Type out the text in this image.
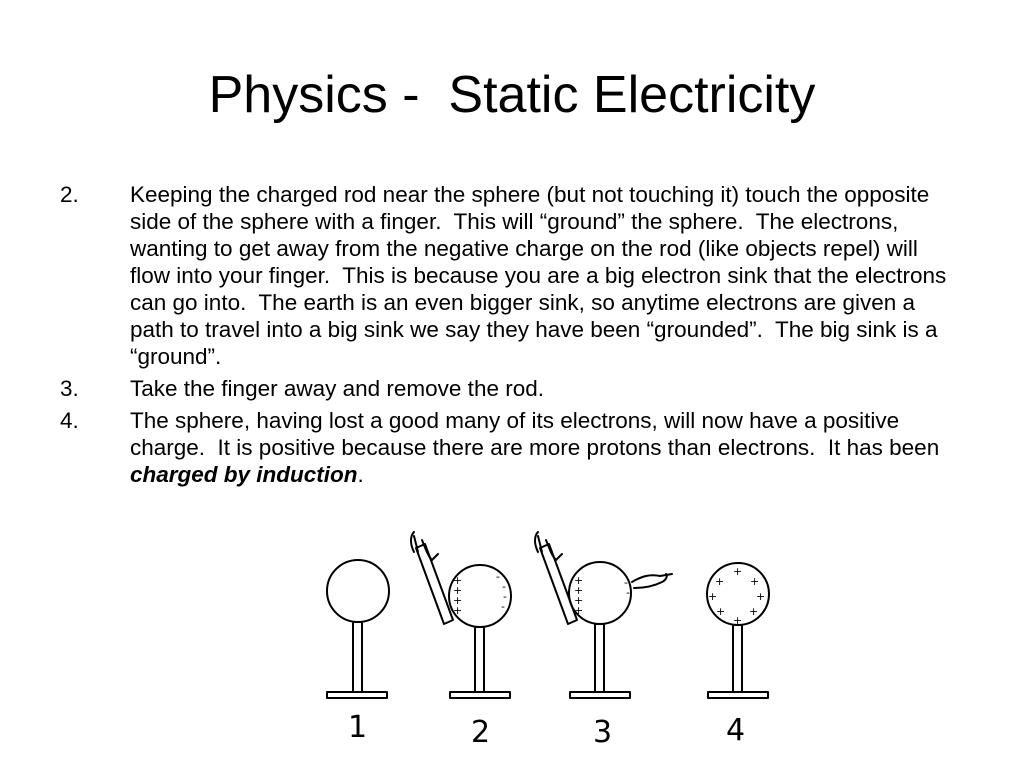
Physics -  Static Electricity
2. Keeping the charged rod near the sphere (but not touching it) touch the opposite side of the sphere with a finger.  This will “ground” the sphere.  The electrons, wanting to get away from the negative charge on the rod (like objects repel) will flow into your finger.  This is because you are a big electron sink that the electrons can go into.  The earth is an even bigger sink, so anytime electrons are given a path to travel into a big sink we say they have been “grounded”.  The big sink is a “ground”.
3. Take the finger away and remove the rod.
4. The sphere, having lost a good many of its electrons, will now have a positive charge.  It is positive because there are more protons than electrons.  It has been charged by induction.
+
+
+
+
-
-
-
-
+
+
+
+
-
-
+
+ +
+	+
+ +
+
1	2	3	4
